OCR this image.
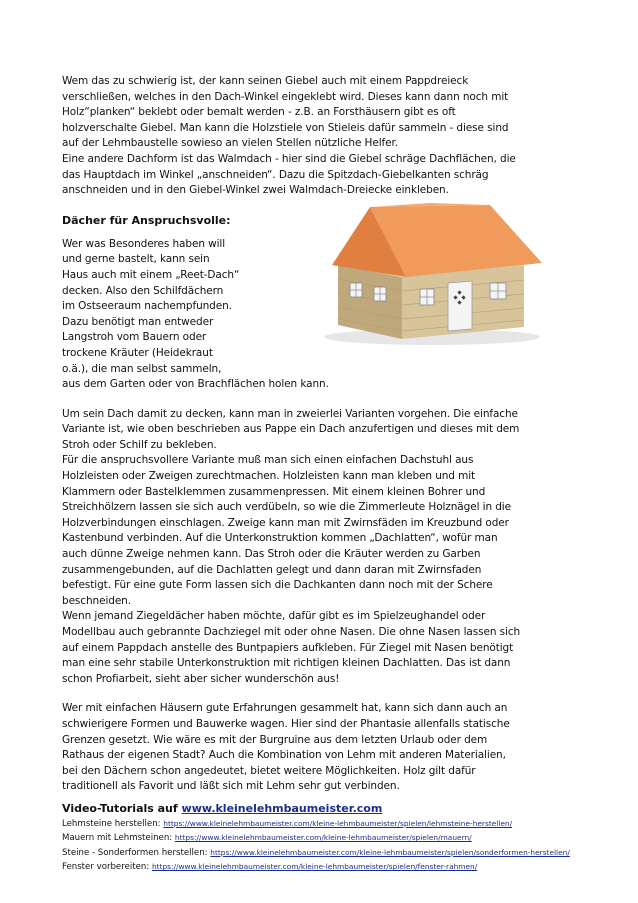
Wem das zu schwierig ist, der kann seinen Giebel auch mit einem Pappdreieck

verschließen, welches in den Dach-Winkel eingeklebt wird. Dieses kann dann noch mit

Holz“planken“ beklebt oder bemalt werden - z.B. an Forsthäusern gibt es oft

holzverschalte Giebel. Man kann die Holzstiele von Stieleis dafür sammeln - diese sind

auf der Lehmbaustelle sowieso an vielen Stellen nützliche Helfer.

Eine andere Dachform ist das Walmdach - hier sind die Giebel schräge Dachflächen, die

das Hauptdach im Winkel „anschneiden“. Dazu die Spitzdach-Giebelkanten schräg

anschneiden und in den Giebel-Winkel zwei Walmdach-Dreiecke einkleben.

Dächer für Anspruchsvolle:

Wer was Besonderes haben will

und gerne bastelt, kann sein

Haus auch mit einem „Reet-Dach“

decken. Also den Schilfdächern

im Ostseeraum nachempfunden.

Dazu benötigt man entweder

Langstroh vom Bauern oder

trockene Kräuter (Heidekraut

o.ä.), die man selbst sammeln,

aus dem Garten oder von Brachflächen holen kann.

Um sein Dach damit zu decken, kann man in zweierlei Varianten vorgehen. Die einfache

Variante ist, wie oben beschrieben aus Pappe ein Dach anzufertigen und dieses mit dem

Stroh oder Schilf zu bekleben.

Für die anspruchsvollere Variante muß man sich einen einfachen Dachstuhl aus

Holzleisten oder Zweigen zurechtmachen. Holzleisten kann man kleben und mit

Klammern oder Bastelklemmen zusammenpressen. Mit einem kleinen Bohrer und

Streichhölzern lassen sie sich auch verdübeln, so wie die Zimmerleute Holznägel in die

Holzverbindungen einschlagen. Zweige kann man mit Zwirnsfäden im Kreuzbund oder

Kastenbund verbinden. Auf die Unterkonstruktion kommen „Dachlatten“, wofür man

auch dünne Zweige nehmen kann. Das Stroh oder die Kräuter werden zu Garben

zusammengebunden, auf die Dachlatten gelegt und dann daran mit Zwirnsfaden

befestigt. Für eine gute Form lassen sich die Dachkanten dann noch mit der Schere

beschneiden.

Wenn jemand Ziegeldächer haben möchte, dafür gibt es im Spielzeughandel oder

Modellbau auch gebrannte Dachziegel mit oder ohne Nasen. Die ohne Nasen lassen sich

auf einem Pappdach anstelle des Buntpapiers aufkleben. Für Ziegel mit Nasen benötigt

man eine sehr stabile Unterkonstruktion mit richtigen kleinen Dachlatten. Das ist dann

schon Profiarbeit, sieht aber sicher wunderschön aus!

Wer mit einfachen Häusern gute Erfahrungen gesammelt hat, kann sich dann auch an

schwierigere Formen und Bauwerke wagen. Hier sind der Phantasie allenfalls statische

Grenzen gesetzt. Wie wäre es mit der Burgruine aus dem letzten Urlaub oder dem

Rathaus der eigenen Stadt? Auch die Kombination von Lehm mit anderen Materialien,

bei den Dächern schon angedeutet, bietet weitere Möglichkeiten. Holz gilt dafür

traditionell als Favorit und läßt sich mit Lehm sehr gut verbinden.

Video-Tutorials auf www.kleinelehmbaumeister.com

Lehmsteine herstellen: https://www.kleinelehmbaumeister.com/kleine-lehmbaumeister/spielen/lehmsteine-herstellen/

Mauern mit Lehmsteinen: https://www.kleinelehmbaumeister.com/kleine-lehmbaumeister/spielen/mauern/

Steine - Sonderformen herstellen: https://www.kleinelehmbaumeister.com/kleine-lehmbaumeister/spielen/sonderformen-herstellen/

Fenster vorbereiten: https://www.kleinelehmbaumeister.com/kleine-lehmbaumeister/spielen/fenster-rahmen/
